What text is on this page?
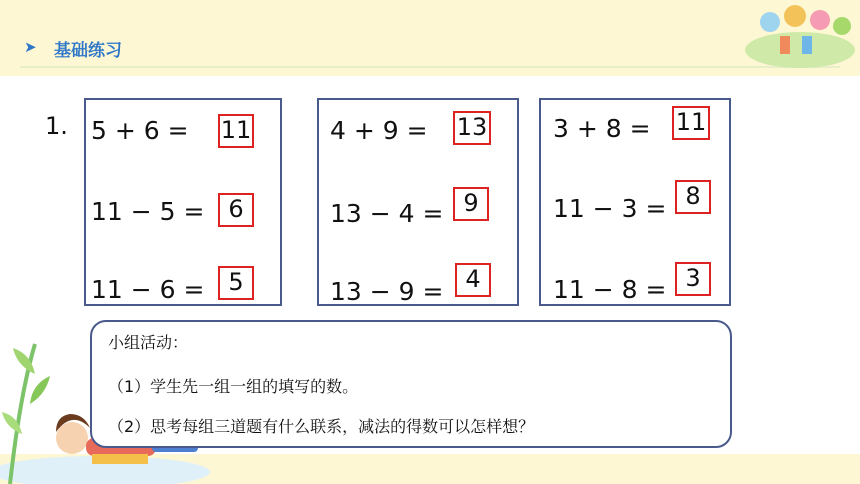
➤ 基础练习
1. 5 + 6 = 11
11 − 5 = 6
11 − 6 = 5
4 + 9 = 13
13 − 4 = 9
13 − 9 = 4
3 + 8 = 11
11 − 3 = 8
11 − 8 = 3
小组活动：
（1）学生先一组一组的填写的数。
（2）思考每组三道题有什么联系，减法的得数可以怎样想？
